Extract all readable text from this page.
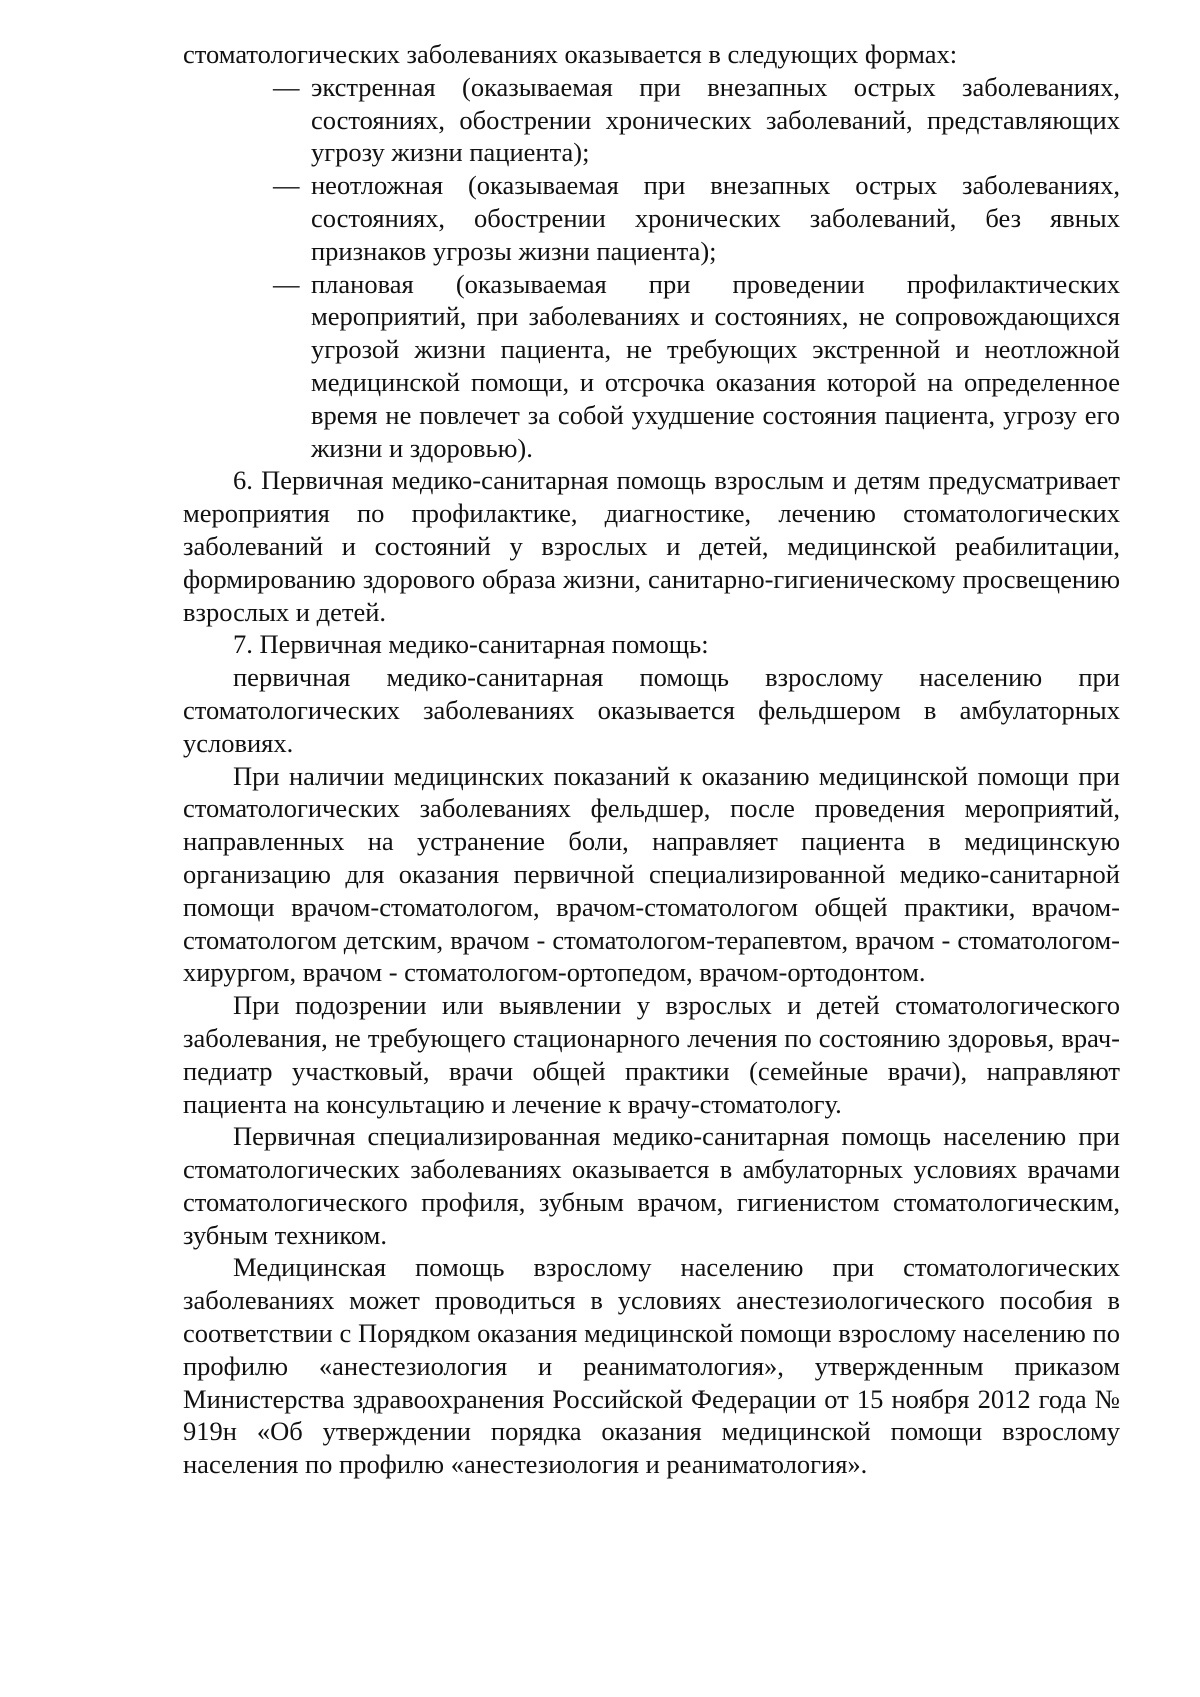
стоматологических заболеваниях оказывается в следующих формах:

— экстренная (оказываемая при внезапных острых заболеваниях, состояниях, обострении хронических заболеваний, представляющих угрозу жизни пациента);
— неотложная (оказываемая при внезапных острых заболеваниях, состояниях, обострении хронических заболеваний, без явных признаков угрозы жизни пациента);
— плановая (оказываемая при проведении профилактических мероприятий, при заболеваниях и состояниях, не сопровождающихся угрозой жизни пациента, не требующих экстренной и неотложной медицинской помощи, и отсрочка оказания которой на определенное время не повлечет за собой ухудшение состояния пациента, угрозу его жизни и здоровью).

6. Первичная медико-санитарная помощь взрослым и детям предусматривает мероприятия по профилактике, диагностике, лечению стоматологических заболеваний и состояний у взрослых и детей, медицинской реабилитации, формированию здорового образа жизни, санитарно-гигиеническому просвещению взрослых и детей.

7. Первичная медико-санитарная помощь:

первичная медико-санитарная помощь взрослому населению при стоматологических заболеваниях оказывается фельдшером в амбулаторных условиях.

При наличии медицинских показаний к оказанию медицинской помощи при стоматологических заболеваниях фельдшер, после проведения мероприятий, направленных на устранение боли, направляет пациента в медицинскую организацию для оказания первичной специализированной медико-санитарной помощи врачом-стоматологом, врачом-стоматологом общей практики, врачом-стоматологом детским, врачом - стоматологом-терапевтом, врачом - стоматологом-хирургом, врачом - стоматологом-ортопедом, врачом-ортодонтом.

При подозрении или выявлении у взрослых и детей стоматологического заболевания, не требующего стационарного лечения по состоянию здоровья, врач-педиатр участковый, врачи общей практики (семейные врачи), направляют пациента на консультацию и лечение к врачу-стоматологу.

Первичная специализированная медико-санитарная помощь населению при стоматологических заболеваниях оказывается в амбулаторных условиях врачами стоматологического профиля, зубным врачом, гигиенистом стоматологическим, зубным техником.

Медицинская помощь взрослому населению при стоматологических заболеваниях может проводиться в условиях анестезиологического пособия в соответствии с Порядком оказания медицинской помощи взрослому населению по профилю «анестезиология и реаниматология», утвержденным приказом Министерства здравоохранения Российской Федерации от 15 ноября 2012 года № 919н «Об утверждении порядка оказания медицинской помощи взрослому населения по профилю «анестезиология и реаниматология».
